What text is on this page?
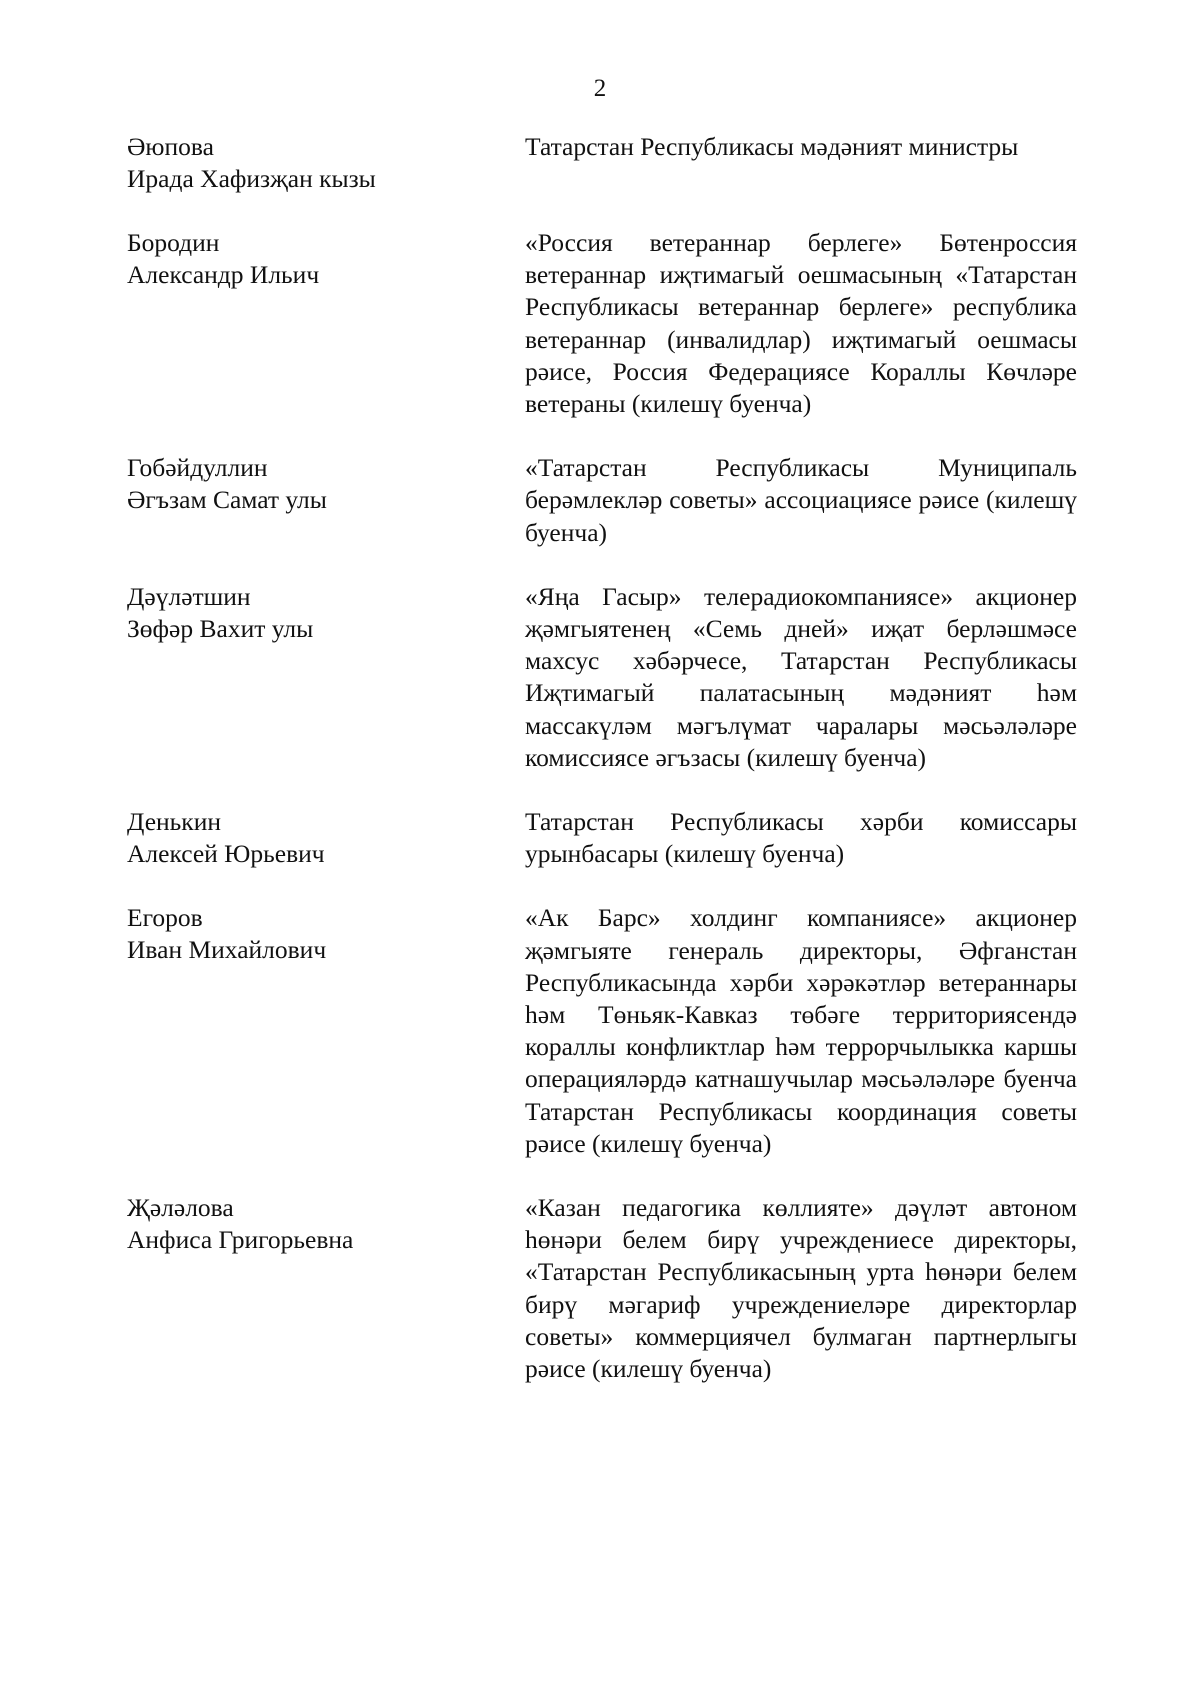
2
Әюпова
Ирада Хафизҗан кызы
Татарстан Республикасы мәдәният министры
Бородин
Александр Ильич
«Россия ветераннар берлеге» Бөтенроссия ветераннар иҗтимагый оешмасының «Татарстан Республикасы ветераннар берлеге» республика ветераннар (инвалидлар) иҗтимагый оешмасы рәисе, Россия Федерациясе Кораллы Көчләре ветераны (килешү буенча)
Гобәйдуллин
Әгъзам Самат улы
«Татарстан Республикасы Муниципаль берәмлекләр советы» ассоциациясе рәисе (килешү буенча)
Дәүләтшин
Зөфәр Вахит улы
«Яңа Гасыр» телерадиокомпаниясе» акционер җәмгыятенең «Семь дней» иҗат берләшмәсе махсус хәбәрчесе, Татарстан Республикасы Иҗтимагый палатасының мәдәният һәм массакүләм мәгълүмат чаралары мәсьәләләре комиссиясе әгъзасы (килешү буенча)
Денькин
Алексей Юрьевич
Татарстан Республикасы хәрби комиссары урынбасары (килешү буенча)
Егоров
Иван Михайлович
«Ак Барс» холдинг компаниясе» акционер җәмгыяте генераль директоры, Әфганстан Республикасында хәрби хәрәкәтләр ветераннары һәм Төньяк-Кавказ төбәге территориясендә кораллы конфликтлар һәм террорчылыкка каршы операцияләрдә катнашучылар мәсьәләләре буенча Татарстан Республикасы координация советы рәисе (килешү буенча)
Җәләлова
Анфиса Григорьевна
«Казан педагогика көллияте» дәүләт автоном һөнәри белем бирү учреждениесе директоры, «Татарстан Республикасының урта һөнәри белем бирү мәгариф учреждениеләре директорлар советы» коммерциячел булмаган партнерлыгы рәисе (килешү буенча)
